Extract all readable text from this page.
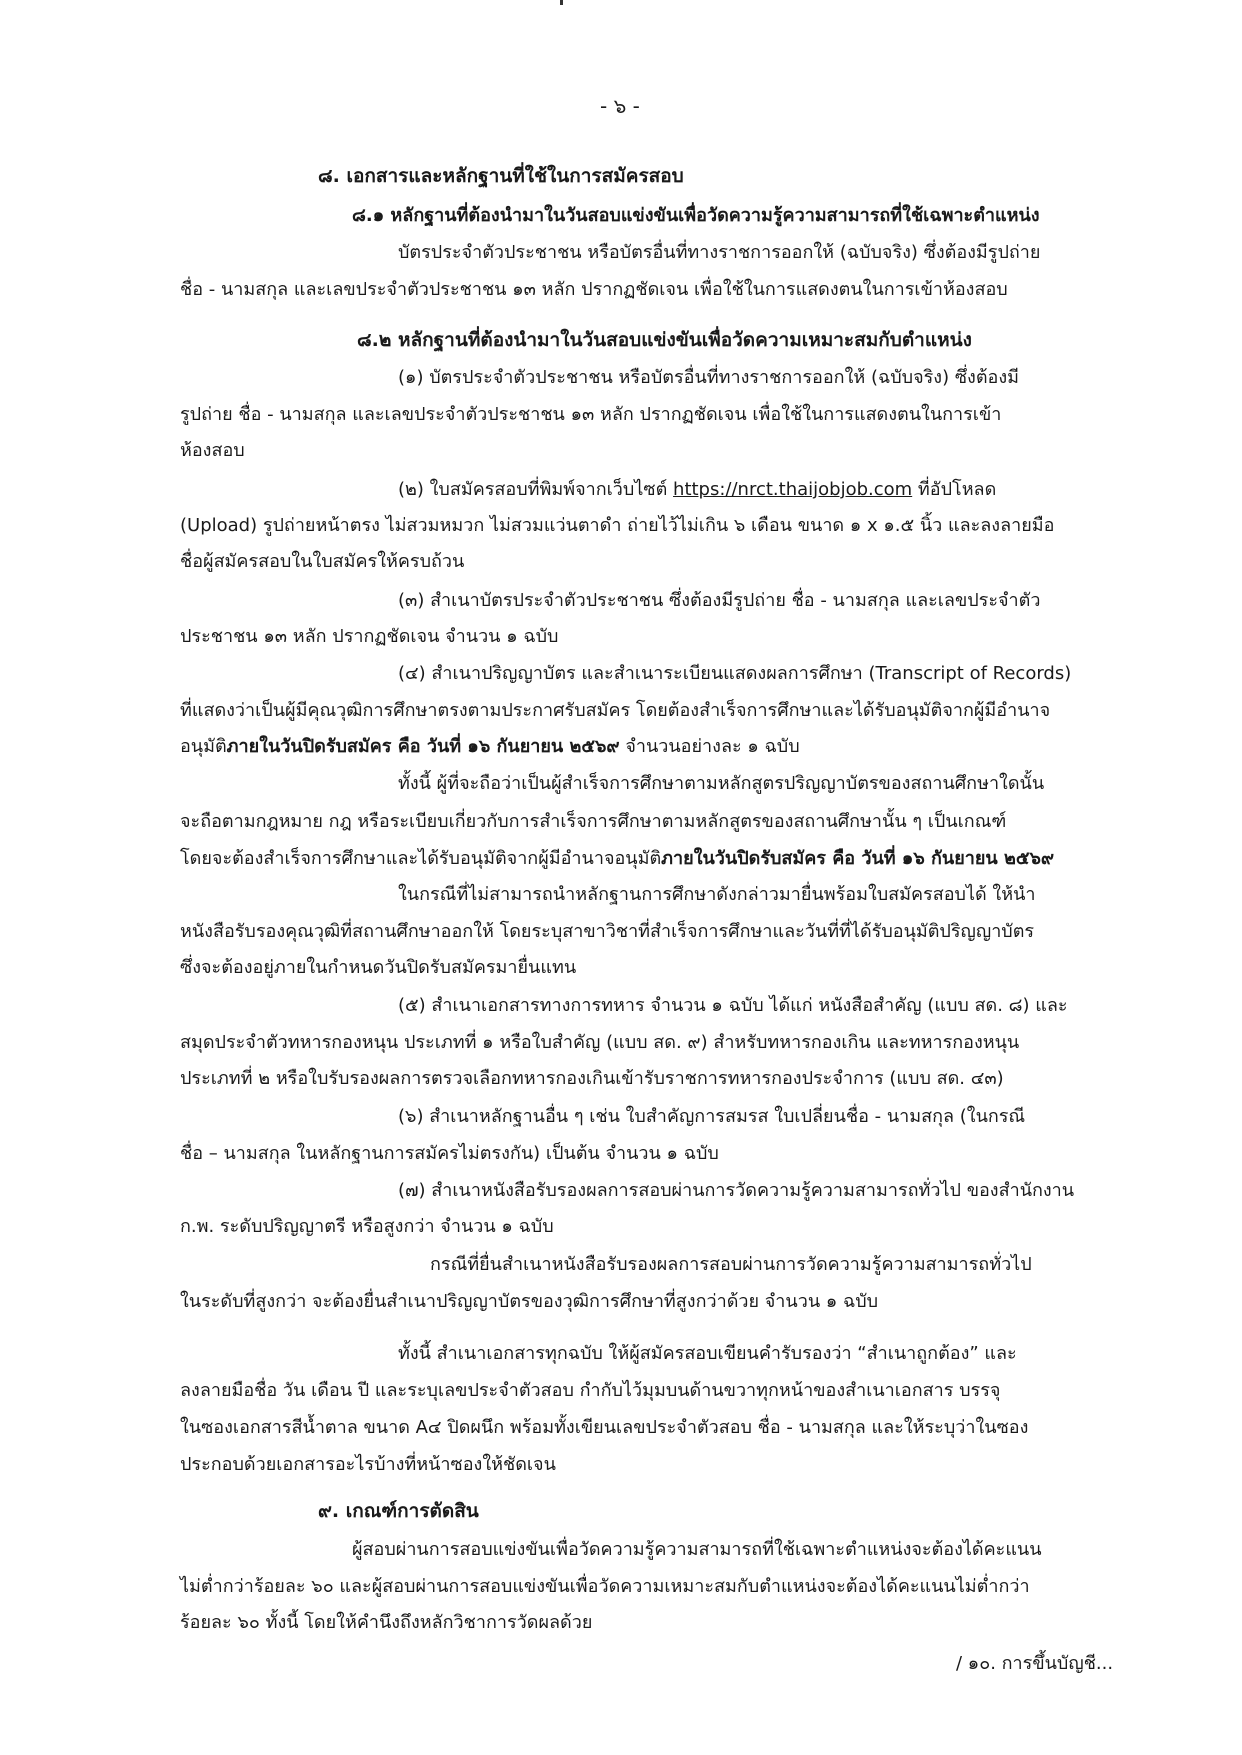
- ๖ -
๘. เอกสารและหลักฐานที่ใช้ในการสมัครสอบ
๘.๑ หลักฐานที่ต้องนำมาในวันสอบแข่งขันเพื่อวัดความรู้ความสามารถที่ใช้เฉพาะตำแหน่ง
บัตรประจำตัวประชาชน หรือบัตรอื่นที่ทางราชการออกให้ (ฉบับจริง) ซึ่งต้องมีรูปถ่าย
ชื่อ - นามสกุล และเลขประจำตัวประชาชน ๑๓ หลัก ปรากฏชัดเจน เพื่อใช้ในการแสดงตนในการเข้าห้องสอบ
๘.๒ หลักฐานที่ต้องนำมาในวันสอบแข่งขันเพื่อวัดความเหมาะสมกับตำแหน่ง
(๑) บัตรประจำตัวประชาชน หรือบัตรอื่นที่ทางราชการออกให้ (ฉบับจริง) ซึ่งต้องมี
รูปถ่าย ชื่อ - นามสกุล และเลขประจำตัวประชาชน ๑๓ หลัก ปรากฏชัดเจน เพื่อใช้ในการแสดงตนในการเข้า
ห้องสอบ
(๒) ใบสมัครสอบที่พิมพ์จากเว็บไซต์ https://nrct.thaijobjob.com ที่อัปโหลด
(Upload) รูปถ่ายหน้าตรง ไม่สวมหมวก ไม่สวมแว่นตาดำ ถ่ายไว้ไม่เกิน ๖ เดือน ขนาด ๑ x ๑.๕ นิ้ว และลงลายมือ
ชื่อผู้สมัครสอบในใบสมัครให้ครบถ้วน
(๓) สำเนาบัตรประจำตัวประชาชน ซึ่งต้องมีรูปถ่าย ชื่อ - นามสกุล และเลขประจำตัว
ประชาชน ๑๓ หลัก ปรากฏชัดเจน จำนวน ๑ ฉบับ
(๔) สำเนาปริญญาบัตร และสำเนาระเบียนแสดงผลการศึกษา (Transcript of Records)
ที่แสดงว่าเป็นผู้มีคุณวุฒิการศึกษาตรงตามประกาศรับสมัคร โดยต้องสำเร็จการศึกษาและได้รับอนุมัติจากผู้มีอำนาจ
อนุมัติภายในวันปิดรับสมัคร คือ วันที่ ๑๖ กันยายน ๒๕๖๙ จำนวนอย่างละ ๑ ฉบับ
ทั้งนี้ ผู้ที่จะถือว่าเป็นผู้สำเร็จการศึกษาตามหลักสูตรปริญญาบัตรของสถานศึกษาใดนั้น
จะถือตามกฎหมาย กฎ หรือระเบียบเกี่ยวกับการสำเร็จการศึกษาตามหลักสูตรของสถานศึกษานั้น ๆ เป็นเกณฑ์
โดยจะต้องสำเร็จการศึกษาและได้รับอนุมัติจากผู้มีอำนาจอนุมัติภายในวันปิดรับสมัคร คือ วันที่ ๑๖ กันยายน ๒๕๖๙
ในกรณีที่ไม่สามารถนำหลักฐานการศึกษาดังกล่าวมายื่นพร้อมใบสมัครสอบได้ ให้นำ
หนังสือรับรองคุณวุฒิที่สถานศึกษาออกให้ โดยระบุสาขาวิชาที่สำเร็จการศึกษาและวันที่ที่ได้รับอนุมัติปริญญาบัตร
ซึ่งจะต้องอยู่ภายในกำหนดวันปิดรับสมัครมายื่นแทน
(๕) สำเนาเอกสารทางการทหาร จำนวน ๑ ฉบับ ได้แก่ หนังสือสำคัญ (แบบ สด. ๘) และ
สมุดประจำตัวทหารกองหนุน ประเภทที่ ๑ หรือใบสำคัญ (แบบ สด. ๙) สำหรับทหารกองเกิน และทหารกองหนุน
ประเภทที่ ๒ หรือใบรับรองผลการตรวจเลือกทหารกองเกินเข้ารับราชการทหารกองประจำการ (แบบ สด. ๔๓)
(๖) สำเนาหลักฐานอื่น ๆ เช่น ใบสำคัญการสมรส ใบเปลี่ยนชื่อ - นามสกุล (ในกรณี
ชื่อ – นามสกุล ในหลักฐานการสมัครไม่ตรงกัน) เป็นต้น จำนวน ๑ ฉบับ
(๗) สำเนาหนังสือรับรองผลการสอบผ่านการวัดความรู้ความสามารถทั่วไป ของสำนักงาน
ก.พ. ระดับปริญญาตรี หรือสูงกว่า จำนวน ๑ ฉบับ
กรณีที่ยื่นสำเนาหนังสือรับรองผลการสอบผ่านการวัดความรู้ความสามารถทั่วไป
ในระดับที่สูงกว่า จะต้องยื่นสำเนาปริญญาบัตรของวุฒิการศึกษาที่สูงกว่าด้วย จำนวน ๑ ฉบับ
ทั้งนี้ สำเนาเอกสารทุกฉบับ ให้ผู้สมัครสอบเขียนคำรับรองว่า “สำเนาถูกต้อง” และ
ลงลายมือชื่อ วัน เดือน ปี และระบุเลขประจำตัวสอบ กำกับไว้มุมบนด้านขวาทุกหน้าของสำเนาเอกสาร บรรจุ
ในซองเอกสารสีน้ำตาล ขนาด A๔ ปิดผนึก พร้อมทั้งเขียนเลขประจำตัวสอบ ชื่อ - นามสกุล และให้ระบุว่าในซอง
ประกอบด้วยเอกสารอะไรบ้างที่หน้าซองให้ชัดเจน
๙. เกณฑ์การตัดสิน
ผู้สอบผ่านการสอบแข่งขันเพื่อวัดความรู้ความสามารถที่ใช้เฉพาะตำแหน่งจะต้องได้คะแนน
ไม่ต่ำกว่าร้อยละ ๖๐ และผู้สอบผ่านการสอบแข่งขันเพื่อวัดความเหมาะสมกับตำแหน่งจะต้องได้คะแนนไม่ต่ำกว่า
ร้อยละ ๖๐ ทั้งนี้ โดยให้คำนึงถึงหลักวิชาการวัดผลด้วย
/ ๑๐. การขึ้นบัญชี...
